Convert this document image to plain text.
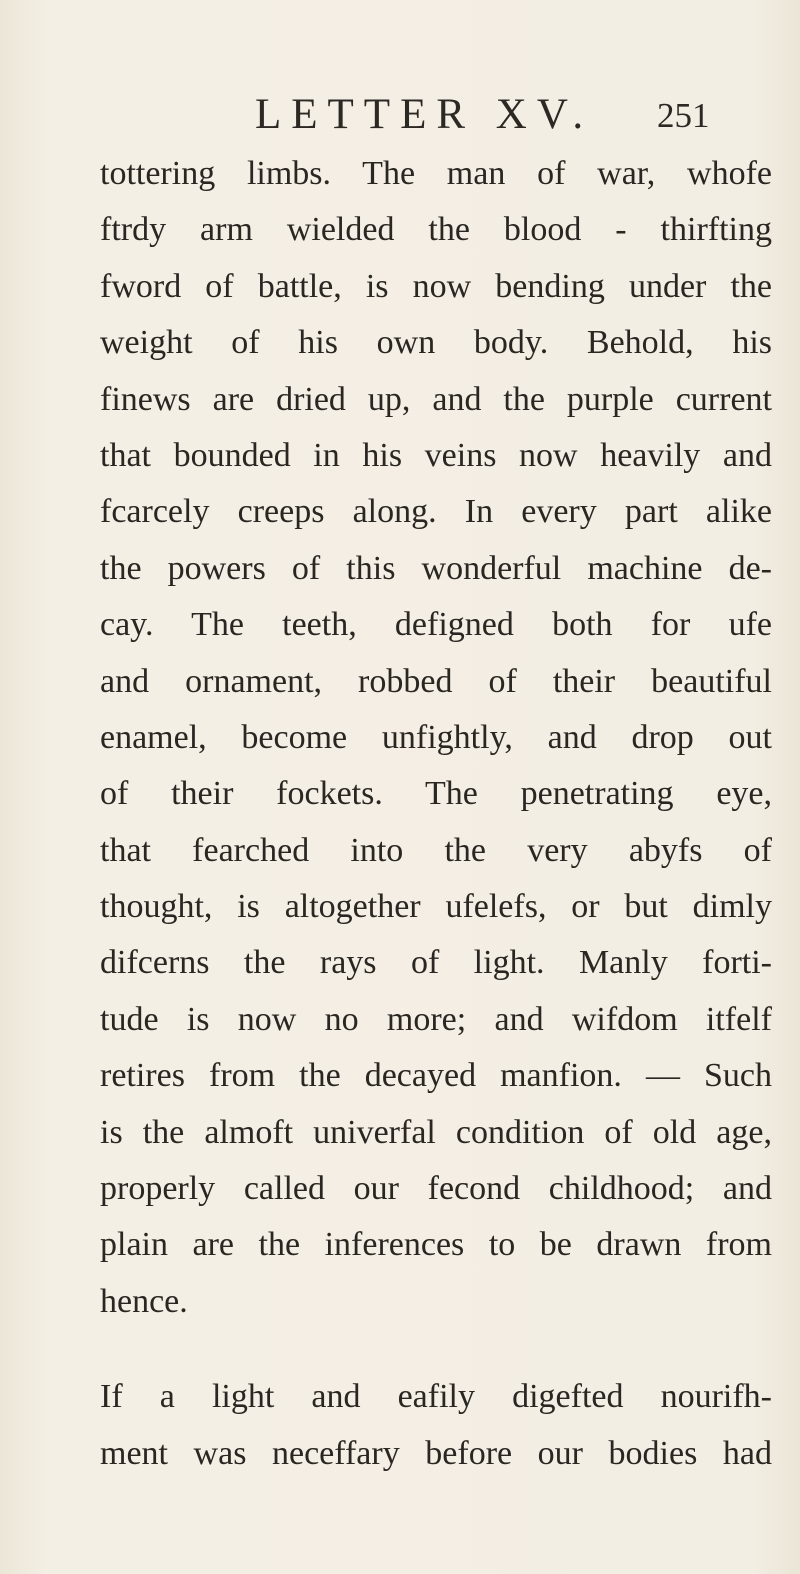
LETTER XV. 251
tottering limbs. The man of war, whofe
ftrdy arm wielded the blood - thirfting
fword of battle, is now bending under the
weight of his own body. Behold, his
finews are dried up, and the purple current
that bounded in his veins now heavily and
fcarcely creeps along. In every part alike
the powers of this wonderful machine de-
cay. The teeth, defigned both for ufe
and ornament, robbed of their beautiful
enamel, become unfightly, and drop out
of their fockets. The penetrating eye,
that fearched into the very abyfs of
thought, is altogether ufelefs, or but dimly
difcerns the rays of light. Manly forti-
tude is now no more; and wifdom itfelf
retires from the decayed manfion. — Such
is the almoft univerfal condition of old age,
properly called our fecond childhood; and
plain are the inferences to be drawn from
hence.
If a light and eafily digefted nourifh-
ment was neceffary before our bodies had
